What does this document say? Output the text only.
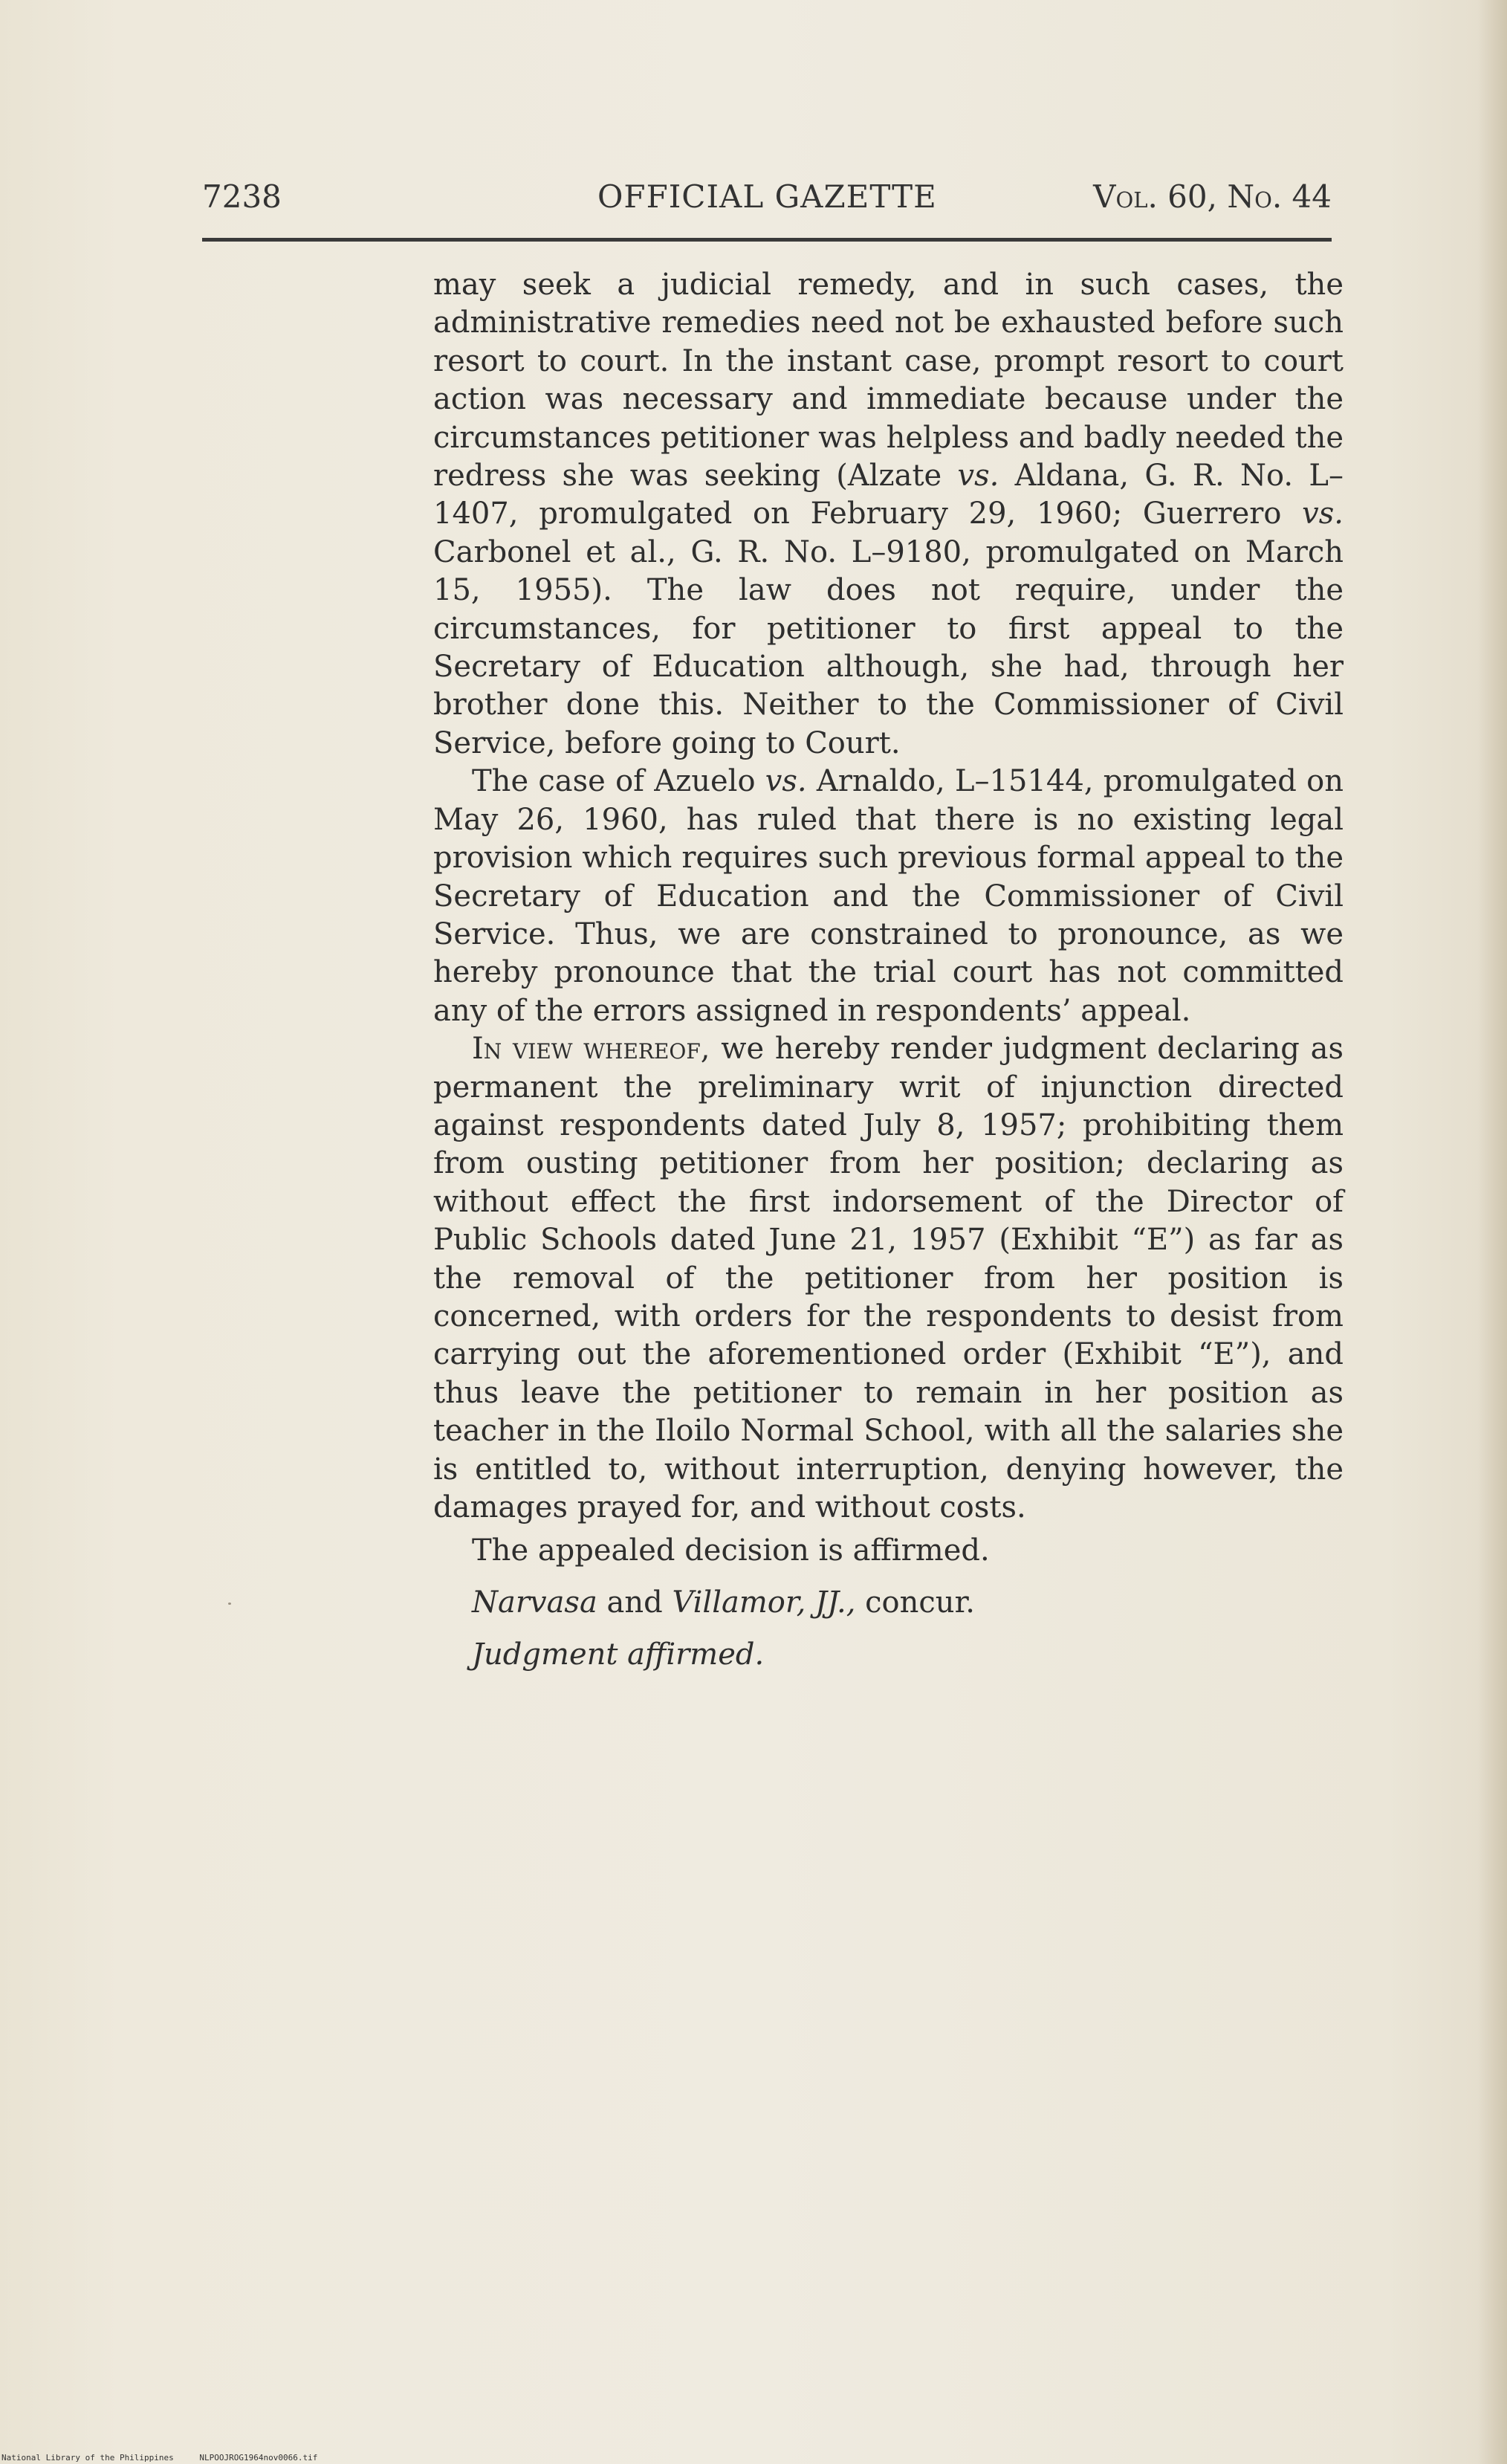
7238	OFFICIAL GAZETTE	Vol. 60, No. 44

may seek a judicial remedy, and in such cases, the administrative remedies need not be exhausted before such resort to court. In the instant case, prompt resort to court action was necessary and immediate because under the circumstances petitioner was helpless and badly needed the redress she was seeking (Alzate vs. Aldana, G. R. No. L–1407, promulgated on February 29, 1960; Guerrero vs. Carbonel et al., G. R. No. L–9180, promulgated on March 15, 1955). The law does not require, under the circumstances, for petitioner to first appeal to the Secretary of Education although, she had, through her brother done this. Neither to the Commissioner of Civil Service, before going to Court.

The case of Azuelo vs. Arnaldo, L–15144, promulgated on May 26, 1960, has ruled that there is no existing legal provision which requires such previous formal appeal to the Secretary of Education and the Commissioner of Civil Service. Thus, we are constrained to pronounce, as we hereby pronounce that the trial court has not committed any of the errors assigned in respondents’ appeal.

In view whereof, we hereby render judgment declaring as permanent the preliminary writ of injunction directed against respondents dated July 8, 1957; prohibiting them from ousting petitioner from her position; declaring as without effect the first indorsement of the Director of Public Schools dated June 21, 1957 (Exhibit “E”) as far as the removal of the petitioner from her position is concerned, with orders for the respondents to desist from carrying out the aforementioned order (Exhibit “E”), and thus leave the petitioner to remain in her position as teacher in the Iloilo Normal School, with all the salaries she is entitled to, without interruption, denying however, the damages prayed for, and without costs.

The appealed decision is affirmed.

Narvasa and Villamor, JJ., concur.

Judgment affirmed.

National Library of the Philippines	NLPOOJROG1964nov0066.tif
